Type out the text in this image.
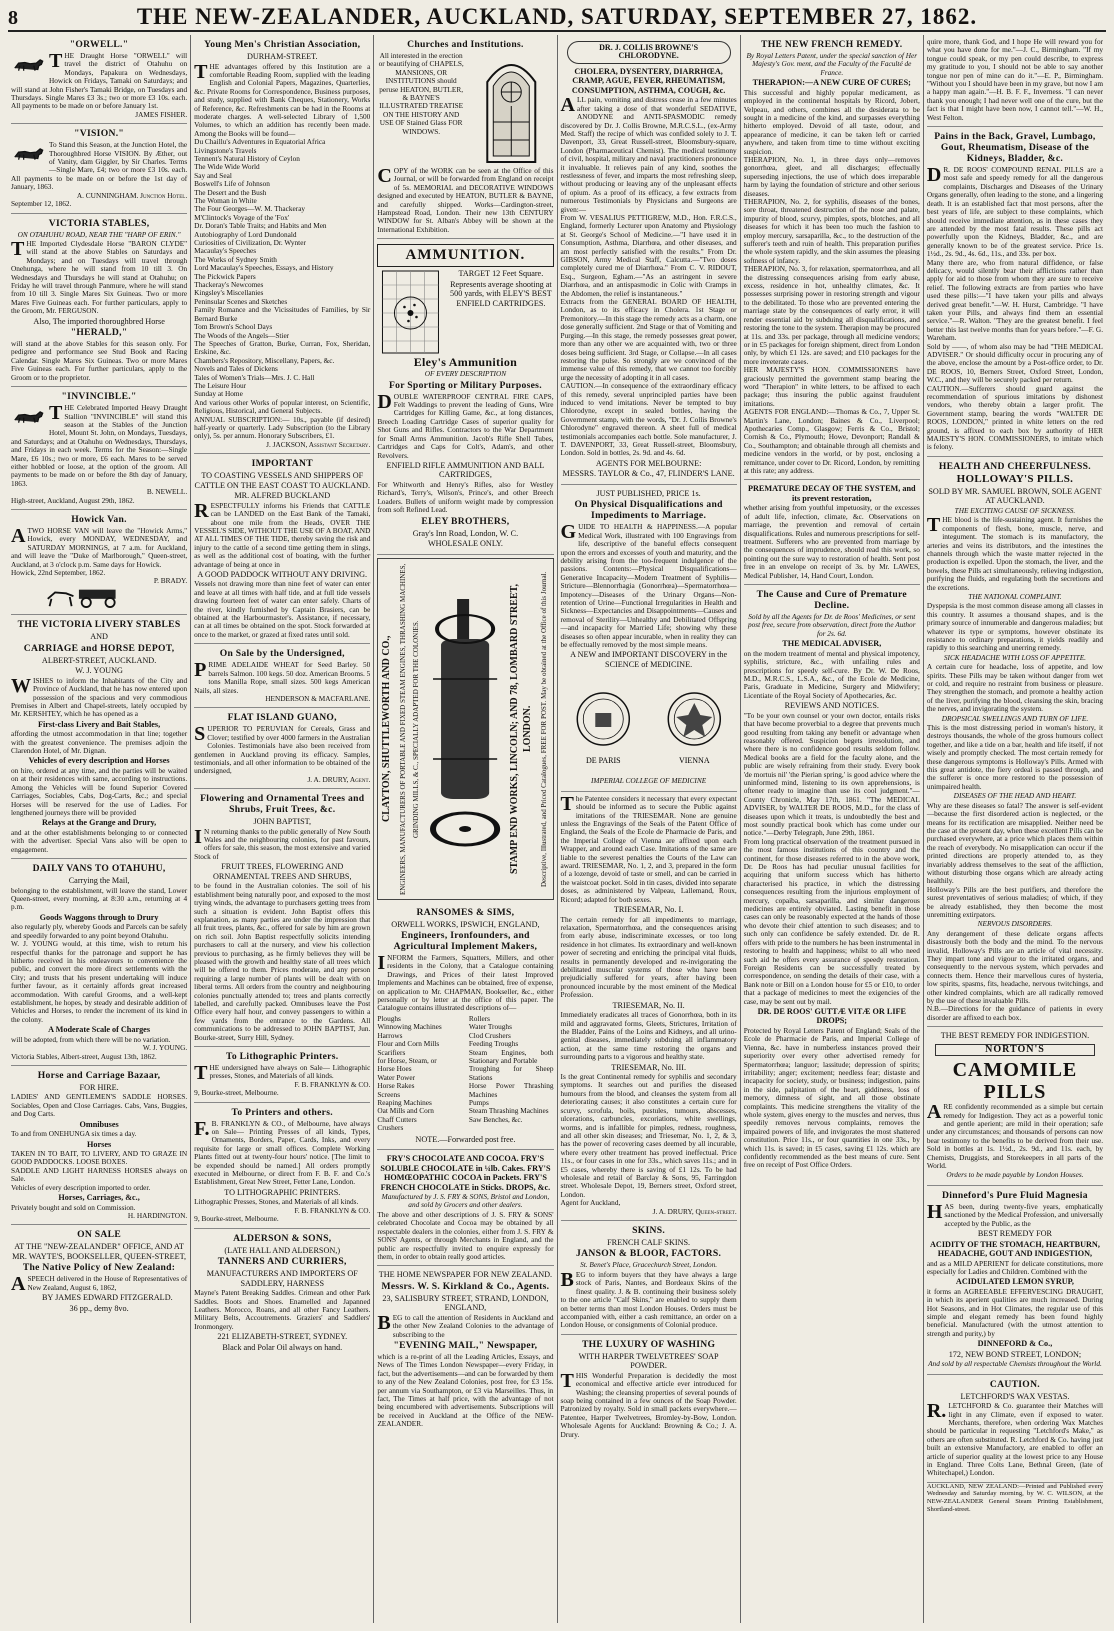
8	THE NEW-ZEALANDER, AUCKLAND, SATURDAY, SEPTEMBER 27, 1862.
"ORWELL."
THE Draught Horse "ORWELL" will travel the district of Otahuhu on Mondays, Papakura on Wednesdays, Howick on Fridays, Tamaki on Saturdays; and will stand at John Fisher's Tamaki Bridge, on Tuesdays and Thursdays. Single Mares £3 3s.; two or more £3 10s. each. All payments to be made on or before January 1st.
JAMES FISHER.
"VISION."
To Stand this Season, at the Junction Hotel, the Thoroughbred Horse VISION. By Æther, out of Vanity, dam Giggler, by Sir Charles. Terms—Single Mare, £4; two or more £3 10s. each. All payments to be made on or before the 1st day of January, 1863.
A. CUNNINGHAM. Junction Hotel.
September 12, 1862.
VICTORIA STABLES,
ON OTAHUHU ROAD, NEAR THE "HARP OF ERIN."
THE Imported Clydesdale Horse "BARON CLYDE" will stand at the above Stables on Saturdays and Mondays; and on Tuesdays will travel through Onehunga, where he will stand from 10 till 3. On Wednesdays and Thursdays he will stand at Otahuhu; on Friday he will travel through Panmure, where he will stand from 10 till 3. Single Mares Six Guineas. Two or more Mares Five Guineas each. For further particulars, apply to the Groom, Mr. FERGUSON.
Also, The imported thoroughbred Horse
"HERALD,"
will stand at the above Stables for this season only. For pedigree and performance see Stud Book and Racing Calendar. Single Mares Six Guineas. Two or more Mares Five Guineas each. For further particulars, apply to the Groom or to the proprietor.
"INVINCIBLE."
THE Celebrated Imported Heavy Draught Stallion "INVINCIBLE" will stand this season at the Stables of the Junction Hotel, Mount St. John, on Mondays, Tuesdays, and Saturdays; and at Otahuhu on Wednesdays, Thursdays, and Fridays in each week. Terms for the Season:—Single Mare, £6 10s.; two or more, £6 each. Mares to be served either hobbled or loose, at the option of the groom. All payments to be made on or before the 8th day of January, 1863.
B. NEWELL.
High-street, Auckland, August 29th, 1862.
Howick Van.
ATWO HORSE VAN will leave the "Howick Arms," Howick, every MONDAY, WEDNESDAY, and SATURDAY MORNINGS, at 7 a.m. for Auckland, and will leave the "Duke of Marlborough," Queen-street, Auckland, at 3 o'clock p.m. Same days for Howick.
Howick, 22nd September, 1862.
P. BRADY.
THE VICTORIA LIVERY STABLES
AND
CARRIAGE and HORSE DEPOT,
ALBERT-STREET, AUCKLAND.
W. J. YOUNG
WISHES to inform the Inhabitants of the City and Province of Auckland, that he has now entered upon possession of the spacious and very commodious Premises in Albert and Chapel-streets, lately occupied by Mr. KERSHTEY, which he has opened as a
First-class Livery and Bait Stables,
affording the utmost accommodation in that line; together with the greatest convenience. The premises adjoin the Clarendon Hotel, of Mr. Dignan.
Vehicles of every description and Horses
on hire, ordered at any time, and the parties will be waited on at their residences with same, according to instructions. Among the Vehicles will be found Superior Covered Carriages, Sociables, Cabs, Dog-Carts, &c.; and special Horses will be reserved for the use of Ladies. For lengthened journeys there will be provided
Relays at the Grange and Drury,
and at the other establishments belonging to or connected with the advertiser. Special Vans also will be open to engagement.
DAILY VANS TO OTAHUHU,
Carrying the Mail,
belonging to the establishment, will leave the stand, Lower Queen-street, every morning, at 8:30 a.m., returning at 4 p.m.
Goods Waggons through to Drury
also regularly ply, whereby Goods and Parcels can be safely and speedily forwarded to any point beyond Otahuhu.
W. J. YOUNG would, at this time, wish to return his respectful thanks for the patronage and support he has hitherto received in his endeavours to convenience the public, and convert the more direct settlements with the City; and trusts that his present undertaking will induce further favour, as it certainly affords great increased accommodation. With careful Grooms, and a well-kept establishment, he hopes, by steady and desirable addition of Vehicles and Horses, to render the increment of its kind in the colony.
A Moderate Scale of Charges
will be adopted, from which there will be no variation.
W. J. YOUNG.
Victoria Stables, Albert-street, August 13th, 1862.
Horse and Carriage Bazaar,
FOR HIRE.
LADIES' AND GENTLEMEN'S SADDLE HORSES. Sociables, Open and Close Carriages. Cabs, Vans, Buggies, and Dog Carts.
Omnibuses
To and from ONEHUNGA six times a day.
Horses
TAKEN IN TO BAIT, TO LIVERY, AND TO GRAZE IN GOOD PADDOCKS. LOOSE BOXES.
SADDLE AND LIGHT HARNESS HORSES always on Sale.
Vehicles of every description imported to order.
Horses, Carriages, &c.,
Privately bought and sold on Commission.
H. HARDINGTON.
ON SALE
AT THE "NEW-ZEALANDER" OFFICE, AND AT MR. WAYTE'S, BOOKSELLER, QUEEN-STREET,
The Native Policy of New Zealand:
ASPEECH delivered in the House of Representatives of New Zealand, August 6, 1862,
BY JAMES EDWARD FITZGERALD.
36 pp., demy 8vo.
Young Men's Christian Association,
DURHAM-STREET.
THE advantages offered by this Institution are a comfortable Reading Room, supplied with the leading English and Colonial Papers, Magazines, Quarterlies, &c. Private Rooms for Correspondence, Business purposes, and study, supplied with Bank Cheques, Stationery, Works of Reference, &c. Refreshments can be had in the Rooms at moderate charges. A well-selected Library of 1,500 Volumes, to which an addition has recently been made. Among the Books will be found—
Du Chaillu's Adventures in Equatorial Africa
Livingstone's Travels
Tennent's Natural History of Ceylon
The Wide Wide World
Say and Seal
Boswell's Life of Johnson
The Desert and the Bush
The Woman in White
The Four Georges—W. M. Thackeray
M'Clintock's Voyage of the 'Fox'
Dr. Doran's Table Traits; and Habits and Men
Autobiography of Lord Dundonald
Curiosities of Civilization, Dr. Wynter
Macaulay's Speeches
The Works of Sydney Smith
Lord Macaulay's Speeches, Essays, and History
The Pickwick Papers
Thackeray's Newcomes
Kingsley's Miscellanies
Peninsular Scenes and Sketches
Family Romance and the Vicissitudes of Families, by Sir Bernard Burke
Tom Brown's School Days
The Woods of the Angels—Stier
The Speeches of Gratton, Burke, Curran, Fox, Sheridan, Erskine, &c.
Chambers's Repository, Miscellany, Papers, &c.
Novels and Tales of Dickens
Tales of Women's Trials—Mrs. J. C. Hall
The Leisure Hour
Sunday at Home
And various other Works of popular interest, on Scientific, Religious, Historical, and General Subjects.
ANNUAL SUBSCRIPTION:— 10s., payable (if desired) half-yearly or quarterly. Lady Subscription (to the Library only), 5s. per annum. Honorary Subscribers, £1.
J. JACKSON, Assistant Secretary.
IMPORTANT
TO COASTING VESSELS AND SHIPPERS OF CATTLE ON THE EAST COAST TO AUCKLAND.
MR. ALFRED BUCKLAND
RESPECTFULLY informs his Friends that CATTLE can be LANDED on the East Bank of the Tamaki, about one mile from the Heads, OVER THE VESSEL'S SIDE, WITHOUT THE USE OF A BOAT, AND AT ALL TIMES OF THE TIDE, thereby saving the risk and injury to the cattle of a second time getting them in slings, as well as the additional cost of boating, with the further advantage of being at once in
A GOOD PADDOCK WITHOUT ANY DRIVING.
Vessels not drawing more than nine feet of water can enter and leave at all times with half tide, and at full tide vessels drawing fourteen feet of water can enter safely. Charts of the river, kindly furnished by Captain Brasiers, can be obtained at the Harbourmaster's. Assistance, if necessary, can at all times be obtained on the spot. Stock forwarded at once to the market, or grazed at fixed rates until sold.
On Sale by the Undersigned,
PRIME ADELAIDE WHEAT for Seed Barley. 50 barrels Salmon. 100 kegs. 50 doz. American Brooms. 5 tons Manilla Rope, small sizes. 500 kegs American Nails, all sizes.
HENDERSON & MACFARLANE.
FLAT ISLAND GUANO,
SUPERIOR TO PERUVIAN for Cereals, Grass and Clover; testified by over 4000 farmers in the Australian Colonies. Testimonials have also been received from gentlemen in Auckland proving its efficacy. Samples, testimonials, and all other information to be obtained of the undersigned,
J. A. DRURY, Agent.
Flowering and Ornamental Trees and Shrubs, Fruit Trees, &c.
JOHN BAPTIST,
IN returning thanks to the public generally of New South Wales and the neighbouring colonies, for past favours, offers for sale, this season, the most extensive and varied Stock of
FRUIT TREES, FLOWERING AND ORNAMENTAL TREES AND SHRUBS,
to be found in the Australian colonies. The soil of his establishment being naturally poor, and exposed to the most trying winds, the advantage to purchasers getting trees from such a situation is evident. John Baptist offers this explanation, as many parties are under the impression that all fruit trees, plants, &c., offered for sale by him are grown on rich soil. John Baptist respectfully solicits intending purchasers to call at the nursery, and view his collection previous to purchasing, as he firmly believes they will be pleased with the growth and healthy state of all trees which will be offered to them. Prices moderate, and any person requiring a large number of plants will be dealt with on liberal terms. All orders from the country and neighbouring colonies punctually attended to; trees and plants correctly labelled, and carefully packed. Omnibuses leave the Post Office every half hour, and convey passengers to within a few yards from the entrance to the Gardens. All communications to be addressed to JOHN BAPTIST, Jun. Bourke-street, Surry Hill, Sydney.
To Lithographic Printers.
THE undersigned have always on Sale— Lithographic presses, Stones, and Materials of all kinds.
F. B. FRANKLYN & CO.
9, Bourke-street, Melbourne.
To Printers and others.
F.B. FRANKLYN & CO., of Melbourne, have always on Sale— Printing Presses of all kinds, Types, Ornaments, Borders, Paper, Cards, Inks, and every requisite for large or small offices. Complete Working Plants fitted out at twenty-four hours' notice. [The limit to be expended should be named.] All orders promptly executed in Melbourne, or direct from F. B. F. and Co.'s Establishment, Great New Street, Fetter Lane, London.
TO LITHOGRAPHIC PRINTERS.
Lithographic Presses, Stones, and Materials of all kinds.
F. B. FRANKLYN & CO.
9, Bourke-street, Melbourne.
ALDERSON & SONS,
(LATE HALL AND ALDERSON,)
TANNERS AND CURRIERS,
MANUFACTURERS AND IMPORTERS OF SADDLERY, HARNESS
Mayne's Patent Breaking Saddles. Crimean and other Park Saddles. Boots and Shoes. Enamelled and Japanned Leathers. Morocco, Roans, and all other Fancy Leathers. Military Belts, Accoutrements. Graziers' and Saddlers' Ironmongery.
221 ELIZABETH-STREET, SYDNEY.
Black and Polar Oil always on hand.
Churches and Institutions.
All interested in the erection or beautifying of CHAPELS, MANSIONS, OR INSTITUTIONS should peruse HEATON, BUTLER, & BAYNE'S ILLUSTRATED TREATISE ON THE HISTORY AND USE OF Stained Glass FOR WINDOWS.
COPY of the WORK can be seen at the Office of this Journal, or will be forwarded from England on receipt of 5s. MEMORIAL and DECORATIVE WINDOWS designed and executed by HEATON, BUTLER & BAYNE, and carefully shipped. Works—Cardington-street, Hampstead Road, London. Their new 13th CENTURY WINDOW for St. Alban's Abbey will be shown at the International Exhibition.
AMMUNITION.
TARGET 12 Feet Square.
Represents average shooting at 500 yards, with ELEY'S BEST ENFIELD CARTRIDGES.
Eley's Ammunition
OF EVERY DESCRIPTION
For Sporting or Military Purposes.
DOUBLE WATERPROOF CENTRAL FIRE CAPS, Felt Waddings to prevent the leading of Guns, Wire Cartridges for Killing Game, &c., at long distances, Breech Loading Cartridge Cases of superior quality for Shot Guns and Rifles. Contractors to the War Department for Small Arms Ammunition. Jacob's Rifle Shell Tubes, Cartridges and Caps for Colt's, Adam's, and other Revolvers.
ENFIELD RIFLE AMMUNITION AND BALL CARTRIDGES,
For Whitworth and Henry's Rifles, also for Westley Richard's, Terry's, Wilson's, Prince's, and other Breech Loaders. Bullets of uniform weight made by compression from soft Refined Lead.
ELEY BROTHERS,
Gray's Inn Road, London, W. C.
WHOLESALE ONLY.
CLAYTON, SHUTTLEWORTH AND CO.,	ENGINEERS, MANUFACTURERS OF PORTABLE AND FIXED STEAM ENGINES, THRASHING MACHINES, GRINDING MILLS, & C., SPECIALLY ADAPTED FOR THE COLONIES.	STAMP END WORKS, LINCOLN; AND 78, LOMBARD STREET, LONDON.	Descriptive, Illustrated, and Priced Catalogues, FREE FOR POST. May be obtained at the Office of this Journal.
RANSOMES & SIMS,
ORWELL WORKS, IPSWICH, ENGLAND,
Engineers, Ironfounders, and Agricultural Implement Makers,
INFORM the Farmers, Squatters, Millers, and other residents in the Colony, that a Catalogue containing Drawings, and Prices of their latest Improved Implements and Machines can be obtained, free of expense, on application to Mr. CHAPMAN, Bookseller, &c., either personally or by letter at the office of this paper. The Catalogue contains illustrated descriptions of—
Ploughs
Winnowing Machines
Harrows
Flour and Corn Mills
Scarifiers
for Horse, Steam, or
Horse Hoes
Water Power
Horse Rakes
Screens
Reaping Machines
Oat Mills and Corn
Chaff Cutters
Crushers
Rollers
Water Troughs
Clod Crushers
Feeding Troughs
Steam Engines, both Stationary and Portable
Troughing for Sheep Stations
Horse Power Thrashing Machines
Pumps
Steam Thrashing Machines
Saw Benches, &c.
NOTE.—Forwarded post free.
FRY'S CHOCOLATE AND COCOA. FRY'S SOLUBLE CHOCOLATE in ¼lb. Cakes. FRY'S HOMŒOPATHIC COCOA in Packets. FRY'S FRENCH CHOCOLATE in Sticks. DROPS, &c.
Manufactured by J. S. FRY & SONS, Bristol and London, and sold by Grocers and other dealers.
The above and other descriptions of J. S. FRY & SONS' celebrated Chocolate and Cocoa may be obtained by all respectable dealers in the colonies, either from J. S. FRY & SONS' Agents, or through Merchants in England, and the public are respectfully invited to enquire expressly for them, in order to obtain really good articles.
THE HOME NEWSPAPER FOR NEW ZEALAND.
Messrs. W. S. Kirkland & Co., Agents.
23, SALISBURY STREET, STRAND, LONDON, ENGLAND,
BEG to call the attention of Residents in Auckland and the other New Zealand Colonies to the advantage of subscribing to the
"EVENING MAIL," Newspaper,
which is a re-print of all the Leading Articles, Essays, and News of The Times London Newspaper—every Friday, in fact, but the advertisements—and can be forwarded by them to any of the New Zealand Colonies, post free, for £3 15s. per annum via Southampton, or £3 via Marseilles. Thus, in fact, The Times at half price, with the advantage of not being encumbered with advertisements. Subscriptions will be received in Auckland at the Office of the NEW-ZEALANDER.
DR. J. COLLIS BROWNE'S CHLORODYNE.
CHOLERA, DYSENTERY, DIARRHŒA, CRAMP, AGUE, FEVER, RHEUMATISM, CONSUMPTION, ASTHMA, COUGH, &c.
ALL pain, vomiting and distress cease in a few minutes after taking a dose of that wonderful SEDATIVE, ANODYNE and ANTI-SPASMODIC remedy discovered by Dr. J. Collis Browne, M.R.C.S.L., (ex-Army Med. Staff) the recipe of which was confided solely to J. T. Davenport, 33, Great Russell-street, Bloomsbury-square, London (Pharmaceutical Chemist). The medical testimony of civil, hospital, military and naval practitioners pronounce it invaluable. It relieves pain of any kind, soothes the restlessness of fever, and imparts the most refreshing sleep, without producing or leaving any of the unpleasant effects of opium. As a proof of its efficacy, a few extracts from numerous Testimonials by Physicians and Surgeons are given:—
From W. VESALIUS PETTIGREW, M.D., Hon. F.R.C.S., England, formerly Lecturer upon Anatomy and Physiology at St. George's School of Medicine.—"I have used it in Consumption, Asthma, Diarrhœa, and other diseases, and am most perfectly satisfied with the results." From Dr. GIBSON, Army Medical Staff, Calcutta.—"Two doses completely cured me of Diarrhœa." From C. V. RIDOUT, Esq., Surgeon, Egham.—"As an astringent in severe Diarrhœa, and an antispasmodic in Colic with Cramps in the Abdomen, the relief is instantaneous."
Extracts from the GENERAL BOARD OF HEALTH, London, as to its efficacy in Cholera. 1st Stage or Premonitory.—In this stage the remedy acts as a charm, one dose generally sufficient. 2nd Stage or that of Vomiting and Purging.—In this stage, the remedy possesses great power, more than any other we are acquainted with, two or three doses being sufficient. 3rd Stage, or Collapse.—In all cases restoring the pulse. So strongly are we convinced of the immense value of this remedy, that we cannot too forcibly urge the necessity of adopting it in all cases.
CAUTION.—In consequence of the extraordinary efficacy of this remedy, several unprincipled parties have been induced to vend imitations. Never be tempted to buy Chlorodyne, except in sealed bottles, having the Government stamp, with the words, "Dr. J. Collis Browne's Chlorodyne" engraved thereon. A sheet full of medical testimonials accompanies each bottle. Sole manufacturer, J. T. DAVENPORT, 33, Great Russell-street, Bloomsbury, London. Sold in bottles, 2s. 9d. and 4s. 6d.
AGENTS FOR MELBOURNE:
MESSRS. TAYLOR & Co., 47, FLINDER'S LANE.
JUST PUBLISHED, PRICE 1s.
On Physical Disqualifications and Impediments to Marriage.
GUIDE TO HEALTH & HAPPINESS.—A popular Medical Work, illustrated with 100 Engravings from life, descriptive of the baneful effects consequent upon the errors and excesses of youth and maturity, and the debility arising from the too-frequent indulgence of the passions. Contents:—Physical Disqualifications—Generative Incapacity—Modern Treatment of Syphilis—Stricture—Blennorrhagia (Gonorrhœa)—Spermatorrhœa—Impotency—Diseases of the Urinary Organs—Non-retention of Urine—Functional Irregularities in Health and Sickness—Expectancies and Disappointments—Causes and removal of Sterility—Unhealthy and Debilitated Offspring—and incapacity for Married Life; showing why these diseases so often appear incurable, when in reality they can be effectually removed by the most simple means.
A NEW and IMPORTANT DISCOVERY in the SCIENCE of MEDICINE.
DE PARIS	VIENNA
IMPERIAL COLLEGE OF MEDICINE
The Patentee considers it necessary that every expectant should be informed as to secure the Public against imitations of the TRIESEMAR. None are genuine unless the Engravings of the Seals of the Patent Office of England, the Seals of the Ecole de Pharmacie de Paris, and the Imperial College of Vienna are affixed upon each Wrapper, and around each Case. Imitations of the same are liable to the severest penalties the Courts of the Law can award. TRIESEMAR, No. 1, 2, and 3, prepared in the form of a lozenge, devoid of taste or smell, and can be carried in the waistcoat pocket. Sold in tin cases, divided into separate doses, as administered by Valpeau, Lallemand, Roux, Ricord; adapted for both sexes.
TRIESEMAR, No. I.
The certain remedy for all impediments to marriage, relaxation, Spermatorrhœa, and the consequences arising from early abuse, indiscriminate excesses, or too long residence in hot climates. Its extraordinary and well-known power of secreting and enriching the principal vital fluids, results in permanently developed and re-invigorating the debilitated muscular systems of those who have been prejudicially suffered for years, after having been pronounced incurable by the most eminent of the Medical Profession.
TRIESEMAR, No. II.
Immediately eradicates all traces of Gonorrhœa, both in its mild and aggravated forms, Gleets, Strictures, Irritation of the Bladder, Pains of the Loins and Kidneys, and all urino-genital diseases, immediately subduing all inflammatory action, at the same time restoring the organs and surrounding parts to a vigorous and healthy state.
TRIESEMAR, No. III.
Is the great Continental remedy for syphilis and secondary symptoms. It searches out and purifies the diseased humours from the blood, and cleanses the system from all deteriorating causes; it also constitutes a certain cure for scurvy, scrofula, boils, pustules, tumours, abscesses, ulcerations, carbuncles, excoriations, white swellings, worms, and is infallible for pimples, redness, roughness, and all other skin diseases; and Triesemar, No. 1, 2, & 3, has the power of recovering cases deemed by all incurable, where every other treatment has proved ineffectual. Price 11s., or four cases in one for 33s., which saves 11s.; and in £5 cases, whereby there is saving of £1 12s. To be had wholesale and retail of Barclay & Sons, 95, Farringdon street. Wholesale Depot, 19, Berners street, Oxford street, London.
Agent for Auckland,
J. A. DRURY, Queen-street.
SKINS.
FRENCH CALF SKINS.
JANSON & BLOOR, FACTORS.
St. Benet's Place, Gracechurch Street, London.
BEG to inform buyers that they have always a large stock of Paris, Nantes, and Bordeaux Skins of the finest quality. J. & B. continuing their business solely to the one article "Calf Skins," are enabled to supply them on better terms than most London Houses. Orders must be accompanied with, either a cash remittance, an order on a London House, or consignments of Colonial produce.
THE LUXURY OF WASHING
WITH HARPER TWELVETREES' SOAP POWDER.
THIS Wonderful Preparation is decidedly the most economical and effective article ever introduced for Washing; the cleansing properties of several pounds of soap being contained in a few ounces of the Soap Powder. Patronized by royalty. Sold in small packets everywhere.—Patentee, Harper Twelvetrees, Bromley-by-Bow, London. Wholesale Agents for Auckland: Browning & Co.; J. A. Drury.
THE NEW FRENCH REMEDY.
By Royal Letters Patent, under the special sanction of Her Majesty's Gov. ment, and the Faculty of the Faculté de France.
THERAPION:—A NEW CURE OF CURES;
This successful and highly popular medicament, as employed in the continental hospitals by Ricord, Jobert, Velpeau, and others, combines all the desiderata to be sought in a medicine of the kind, and surpasses everything hitherto employed. Devoid of all taste, odour, and appearance of medicine, it can be taken left or carried anywhere, and taken from time to time without exciting suspicion.
THERAPION, No. 1, in three days only—removes gonorrhœa, gleet, and all discharges; effectually superseding injections, the use of which does irreparable harm by laying the foundation of stricture and other serious diseases.
THERAPION, No. 2, for syphilis, diseases of the bones, sore throat, threatened destruction of the nose and palate, impurity of blood, scurvy, pimples, spots, blotches, and all diseases for which it has been too much the fashion to employ mercury, sarsaparilla, &c., to the destruction of the sufferer's teeth and ruin of health. This preparation purifies the whole system rapidly, and the skin assumes the pleasing softness of infancy.
THERAPION, No. 3, for relaxation, spermatorrhœa, and all the distressing consequences arising from early abuse, excess, residence in hot, unhealthy climates, &c. It possesses surprising power in restoring strength and vigour to the debilitated. To those who are prevented entering the marriage state by the consequences of early error, it will render essential aid by subduing all disqualifications, and restoring the tone to the system. Therapion may be procured at 11s. and 33s. per package, through all medicine vendors; or in £5 packages for foreign shipment, direct from London only, by which £1 12s. are saved; and £10 packages for the more inveterate cases.
HER MAJESTY'S HON. COMMISSIONERS have graciously permitted the government stamp bearing the word "Therapion" in white letters, to be affixed to each package; thus insuring the public against fraudulent imitations.
AGENTS FOR ENGLAND:—Thomas & Co., 7, Upper St. Martin's Lane, London; Baines & Co., Liverpool; Apothecaries Comp., Glasgow; Ferris & Co., Bristol; Cornish & Co., Plymouth; Howe, Devonport; Randall & Co., Southampton; and obtainable through all chemists and medicine vendors in the world, or by post, enclosing a remittance, under cover to Dr. Ricord, London, by remitting at this rate; any address.
PREMATURE DECAY OF THE SYSTEM, and its prevent restoration,
whether arising from youthful impetuosity, or the excesses of adult life, infection, climate, &c. Observations on marriage, the prevention and removal of certain disqualifications. Rules and numerous prescriptions for self-treatment. Sufferers who are prevented from marriage by the consequences of imprudence, should read this work, so pointing out the sure way to restoration of health. Sent post free in an envelope on receipt of 3s. by Mr. LAWES, Medical Publisher, 14, Hand Court, London.
The Cause and Cure of Premature Decline.
Sold by all the Agents for Dr. de Roos' Medicines, or sent post free, secure from observation, direct from the Author for 2s. 6d.
THE MEDICAL ADVISER,
on the modern treatment of mental and physical impotency, syphilis, stricture, &c., with unfailing rules and prescriptions for speedy self-cure. By Dr. W. De Roos, M.D., M.R.C.S., L.S.A., &c., of the Ecole de Medicine, Paris, Graduate in Medicine, Surgery and Midwifery; Licentiate of the Royal Society of Apothecaries, &c.
REVIEWS AND NOTICES.
"To be your own counsel or your own doctor, entails risks that have become proverbial to a degree that prevents much good resulting from taking any benefit or advantage when reasonably offered. Suspicion begets irresolution, and where there is no confidence good results seldom follow. Medical books are a field for the faculty alone, and the public are wisely refraining from their study. Every book 'de mortuis nil' 'the Pierian spring,' is good advice where the uninformed mind, listening to its own apprehensions, is oftener ready to imagine than use its cool judgment."—County Chronicle, May 17th, 1861. "The MEDICAL ADVISER, by WALTER DE ROOS, M.D., for the class of diseases upon which it treats, is undoubtedly the best and most soundly practical book which has come under our notice."—Derby Telegraph, June 29th, 1861.
From long practical observation of the treatment pursued in the most famous institutions of this country and the continent, for those diseases referred to in the above work, Dr. De Roos has had peculiar unusual facilities for acquiring that uniform success which has hitherto characterised his practice, in which the distressing consequences resulting from the injurious employment of mercury, copaiba, sarsaparilla, and similar dangerous medicines are entirely obviated. Lasting benefit in those cases can only be reasonably expected at the hands of those who devote their chief attention to such diseases; and to such only can confidence be safely extended. Dr. de R. offers with pride to the numbers he has been instrumental in restoring to health and happiness; whilst to all who need such aid he offers every assurance of speedy restoration. Foreign Residents can be successfully treated by correspondence, on sending the details of their case, with a Bank note or Bill on a London house for £5 or £10, to order that a package of medicines to meet the exigencies of the case, may be sent out by mail.
DR. DE ROOS' GUTTÆ VITÆ OR LIFE DROPS;
Protected by Royal Letters Patent of England; Seals of the Ecole de Pharmacie de Paris, and Imperial College of Vienna, &c. have in numberless instances proved their superiority over every other advertised remedy for Spermatorrhœa; languor; lassitude; depression of spirits; irritability; anger; excitement; needless fear; distaste and incapacity for society, study, or business; indigestion, pains in the side, palpitation of the heart, giddiness, loss of memory, dimness of sight, and all those obstinate complaints. This medicine strengthens the vitality of the whole system, gives energy to the muscles and nerves, thus speedily removes nervous complaints, removes the impaired powers of life, and invigorates the most shattered constitution. Price 11s., or four quantities in one 33s., by which 11s. is saved; in £5 cases, saving £1 12s. which are confidently recommended as the best means of cure. Sent free on receipt of Post Office Orders.
quire more, thank God, and I hope He will reward you for what you have done for me."—J. C., Birmingham. "If my tongue could speak, or my pen could describe, to express my gratitude to you, I should not be able to say another tongue nor pen of mine can do it."—E. P., Birmingham. "Without you I should have been in my grave, but now I am a happy man again."—H. B. F. F., Inverness. "I can never thank you enough; I had never well one of the cure, but the fact is that I might have been now, I cannot tell."—W. H., West Felton.
Pains in the Back, Gravel, Lumbago, Gout, Rheumatism, Disease of the Kidneys, Bladder, &c.
DR. DE ROOS' COMPOUND RENAL PILLS are a most safe and speedy remedy for all the dangerous complaints, Discharges and Diseases of the Urinary Organs generally, often leading to the stone, and a lingering death. It is an established fact that most persons, after the best years of life, are subject to these complaints, which should receive immediate attention, as in these cases they are attended by the most fatal results. These pills act powerfully upon the Kidneys, Bladder, &c., and are generally known to be of the greatest service. Price 1s. 1½d., 2s. 9d., 4s. 6d., 11s., and 33s. per box.
Many there are, who from natural diffidence, or false delicacy, would silently bear their afflictions rather than apply for aid to those from whom they are sure to receive relief. The following extracts are from parties who have used these pills:—"I have taken your pills and always derived great benefit."—W. H. Hurst, Cambridge. "I have taken your Pills, and always find them an essential service."—R. Walton. "They are the greatest benefit. I feel better this last twelve months than for years before."—F. G. Wareham.
Sold by ——, of whom also may be had "THE MEDICAL ADVISER." Or should difficulty occur in procuring any of the above, enclose the amount by a Post-office order, to Dr. DE ROOS, 10, Berners Street, Oxford Street, London, W.C., and they will be securely packed per return.
CAUTION.—Sufferers should guard against the recommendation of spurious imitations by dishonest vendors, who thereby obtain a larger profit. The Government stamp, bearing the words "WALTER DE ROOS, LONDON," printed in white letters on the red ground, is affixed to each box by authority of HER MAJESTY'S HON. COMMISSIONERS, to imitate which is felony.
HEALTH AND CHEERFULNESS.
HOLLOWAY'S PILLS.
SOLD BY MR. SAMUEL BROWN, SOLE AGENT AT AUCKLAND.
THE EXCITING CAUSE OF SICKNESS.
THE blood is the life-sustaining agent. It furnishes the components of flesh, bone, muscle, nerve, and integument. The stomach is its manufactory, the arteries and veins its distributors, and the intestines the channels through which the waste matter rejected in the production is expelled. Upon the stomach, the liver, and the bowels, these Pills act simultaneously, relieving indigestion, purifying the fluids, and regulating both the secretions and the excretions.
THE NATIONAL COMPLAINT.
Dyspepsia is the most common disease among all classes in this country. It assumes a thousand shapes, and is the primary source of innumerable and dangerous maladies; but whatever its type or symptoms, however obstinate its resistance to ordinary preparations, it yields readily and rapidly to this searching and unerring remedy.
SICK HEADACHE WITH LOSS OF APPETITE.
A certain cure for headache, loss of appetite, and low spirits. These Pills may be taken without danger from wet or cold, and require no restraint from business or pleasure. They strengthen the stomach, and promote a healthy action of the liver, purifying the blood, cleansing the skin, bracing the nerves, and invigorating the system.
DROPSICAL SWELLINGS AND TURN OF LIFE.
This is the most distressing period in woman's history, it destroys thousands, the whole of the gross humours collect together, and like a tide on a bar, health and life itself, if not wisely and promptly checked. The most certain remedy for these dangerous symptoms is Holloway's Pills. Armed with this great antidote, the fiery ordeal is passed through, and the sufferer is once more restored to the possession of unimpaired health.
DISEASES OF THE HEAD AND HEART.
Why are these diseases so fatal? The answer is self-evident—because the first disordered action is neglected, or the means for its rectification are misapplied. Neither need be the case at the present day, when these excellent Pills can be purchased everywhere, at a price which places them within the reach of everybody. No misapplication can occur if the printed directions are properly attended to, as they invariably address themselves to the seat of the affliction, without disturbing those organs which are already acting healthily.
Holloway's Pills are the best purifiers, and therefore the surest preventatives of serious maladies; of which, if they be already established, they then become the most unremitting extirpators.
NERVOUS DISORDERS.
Any derangement of these delicate organs affects disastrously both the body and the mind. To the nervous invalid, Holloway's Pills are an article of vital necessity. They impart tone and vigour to the irritated organs, and consequently to the nervous system, which pervades and connects them. Hence their marvellous cures of hysteria, low spirits, spasms, fits, headache, nervous twitchings, and other kindred complaints, which are all radically removed by the use of these invaluable Pills.
N.B.—Directions for the guidance of patients in every disorder are affixed to each box.
THE BEST REMEDY FOR INDIGESTION.
NORTON'S
CAMOMILE PILLS
ARE confidently recommended as a simple but certain remedy for Indigestion. They act as a powerful tonic and gentle aperient; are mild in their operation; safe under any circumstances; and thousands of persons can now bear testimony to the benefits to be derived from their use. Sold in bottles at 1s. 1½d., 2s. 9d., and 11s. each, by Chemists, Druggists, and Storekeepers in all parts of the World.
Orders to be made payable by London Houses.
Dinneford's Pure Fluid Magnesia
HAS been, during twenty-five years, emphatically sanctioned by the Medical Profession, and universally accepted by the Public, as the
BEST REMEDY FOR
ACIDITY OF THE STOMACH, HEARTBURN, HEADACHE, GOUT AND INDIGESTION,
and as a MILD APERIENT for delicate constitutions, more especially for Ladies and Children. Combined with the
ACIDULATED LEMON SYRUP,
it forms an AGREEABLE EFFERVESCING DRAUGHT, in which its aperient qualities are much increased. During Hot Seasons, and in Hot Climates, the regular use of this simple and elegant remedy has been found highly beneficial. Manufactured (with the utmost attention to strength and purity,) by
DINNEFORD & Co.,
172, NEW BOND STREET, LONDON;
And sold by all respectable Chemists throughout the World.
CAUTION.
LETCHFORD'S WAX VESTAS.
R.LETCHFORD & Co. guarantee their Matches will light in any Climate, even if exposed to water. Merchants, therefore, when ordering Wax Matches should be particular in requesting "Letchford's Make," as others are often substituted. R. Letchford & Co. having just built an extensive Manufactory, are enabled to offer an article of superior quality at the lowest price to any House in England. Three Colts Lane, Bethnal Green, (late of Whitechapel,) London.
AUCKLAND, NEW ZEALAND:—Printed and Published every Wednesday and Saturday morning, by W. C. WILSON, at the NEW-ZEALANDER General Steam Printing Establishment, Shortland-street.
